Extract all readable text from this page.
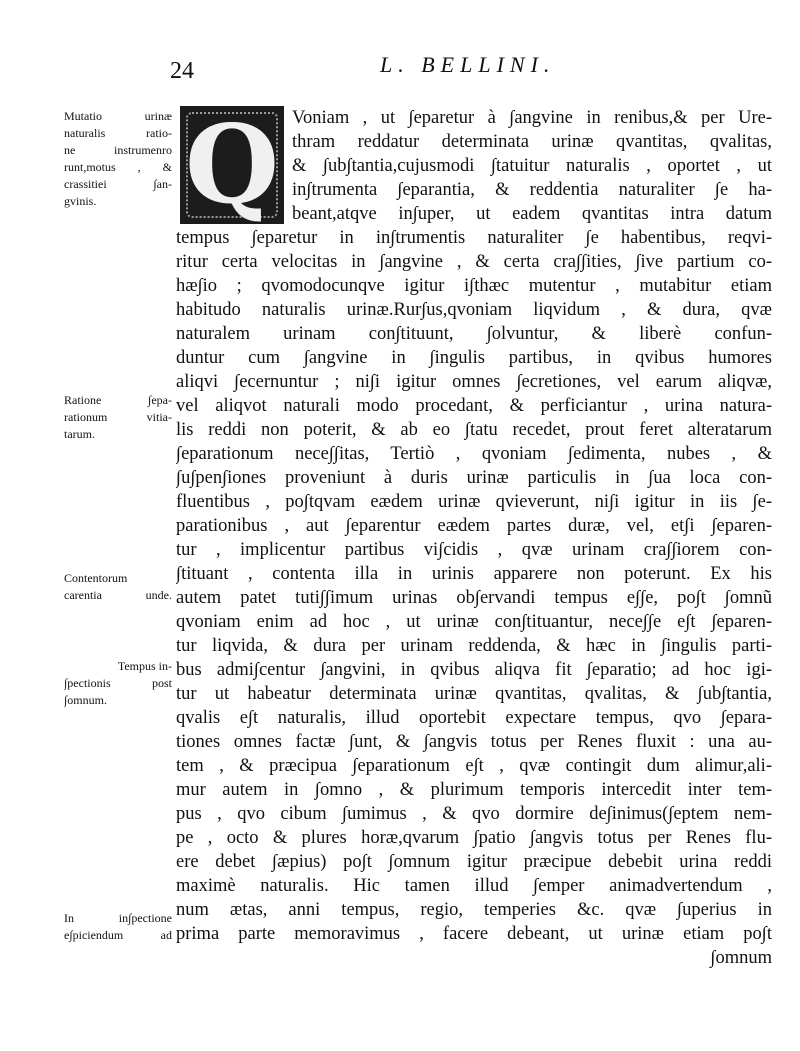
24	L. BELLINI.
Q
Mutatio urinæ
naturalis ratio-
ne instrumenro
runt,motus , &
crassitiei ∫an-
gvinis.
Ratione ∫epa-
rationum vitia-
tarum.
Contentorum
carentia unde.
Tempus in-
∫pectionis post
∫omnum.
In in∫pectione
e∫piciendum ad
Voniam , ut ∫eparetur à ∫angvine in renibus,& per Ure-
thram reddatur determinata urinæ qvantitas, qvalitas,
& ∫ub∫tantia,cujusmodi ∫tatuitur naturalis , oportet , ut
in∫trumenta ∫eparantia, & reddentia naturaliter ∫e ha-
beant,atqve in∫uper, ut eadem qvantitas intra datum
tempus ∫eparetur in in∫trumentis naturaliter ∫e habentibus, reqvi-
ritur certa velocitas in ∫angvine , & certa cra∫∫ities, ∫ive partium co-
hæ∫io ; qvomodocunqve igitur i∫thæc mutentur , mutabitur etiam
habitudo naturalis urinæ.Rur∫us,qvoniam liqvidum , & dura, qvæ
naturalem urinam con∫tituunt, ∫olvuntur, & liberè confun-
duntur cum ∫angvine in ∫ingulis partibus, in qvibus humores
aliqvi ∫ecernuntur ; ni∫i igitur omnes ∫ecretiones, vel earum aliqvæ,
vel aliqvot naturali modo procedant, & perficiantur , urina natura-
lis reddi non poterit, & ab eo ∫tatu recedet, prout feret alteratarum
∫eparationum nece∫∫itas, Tertiò , qvoniam ∫edimenta, nubes , &
∫u∫pen∫iones proveniunt à duris urinæ particulis in ∫ua loca con-
fluentibus , po∫tqvam eædem urinæ qvieverunt, ni∫i igitur in iis ∫e-
parationibus , aut ∫eparentur eædem partes duræ, vel, et∫i ∫eparen-
tur , implicentur partibus vi∫cidis , qvæ urinam cra∫∫iorem con-
∫tituant , contenta illa in urinis apparere non poterunt. Ex his
autem patet tuti∫∫imum urinas ob∫ervandi tempus e∫∫e, po∫t ∫omnũ
qvoniam enim ad hoc , ut urinæ con∫tituantur, nece∫∫e e∫t ∫eparen-
tur liqvida, & dura per urinam reddenda, & hæc in ∫ingulis parti-
bus admi∫centur ∫angvini, in qvibus aliqva fit ∫eparatio; ad hoc igi-
tur ut habeatur determinata urinæ qvantitas, qvalitas, & ∫ub∫tantia,
qvalis e∫t naturalis, illud oportebit expectare tempus, qvo ∫epara-
tiones omnes factæ ∫unt, & ∫angvis totus per Renes fluxit : una au-
tem , & præcipua ∫eparationum e∫t , qvæ contingit dum alimur,ali-
mur autem in ∫omno , & plurimum temporis intercedit inter tem-
pus , qvo cibum ∫umimus , & qvo dormire de∫inimus(∫eptem nem-
pe , octo & plures horæ,qvarum ∫patio ∫angvis totus per Renes flu-
ere debet ∫æpius) po∫t ∫omnum igitur præcipue debebit urina reddi
maximè naturalis. Hic tamen illud ∫emper animadvertendum ,
num ætas, anni tempus, regio, temperies &c. qvæ ∫uperius in
prima parte memoravimus , facere debeant, ut urinæ etiam po∫t
∫omnum
